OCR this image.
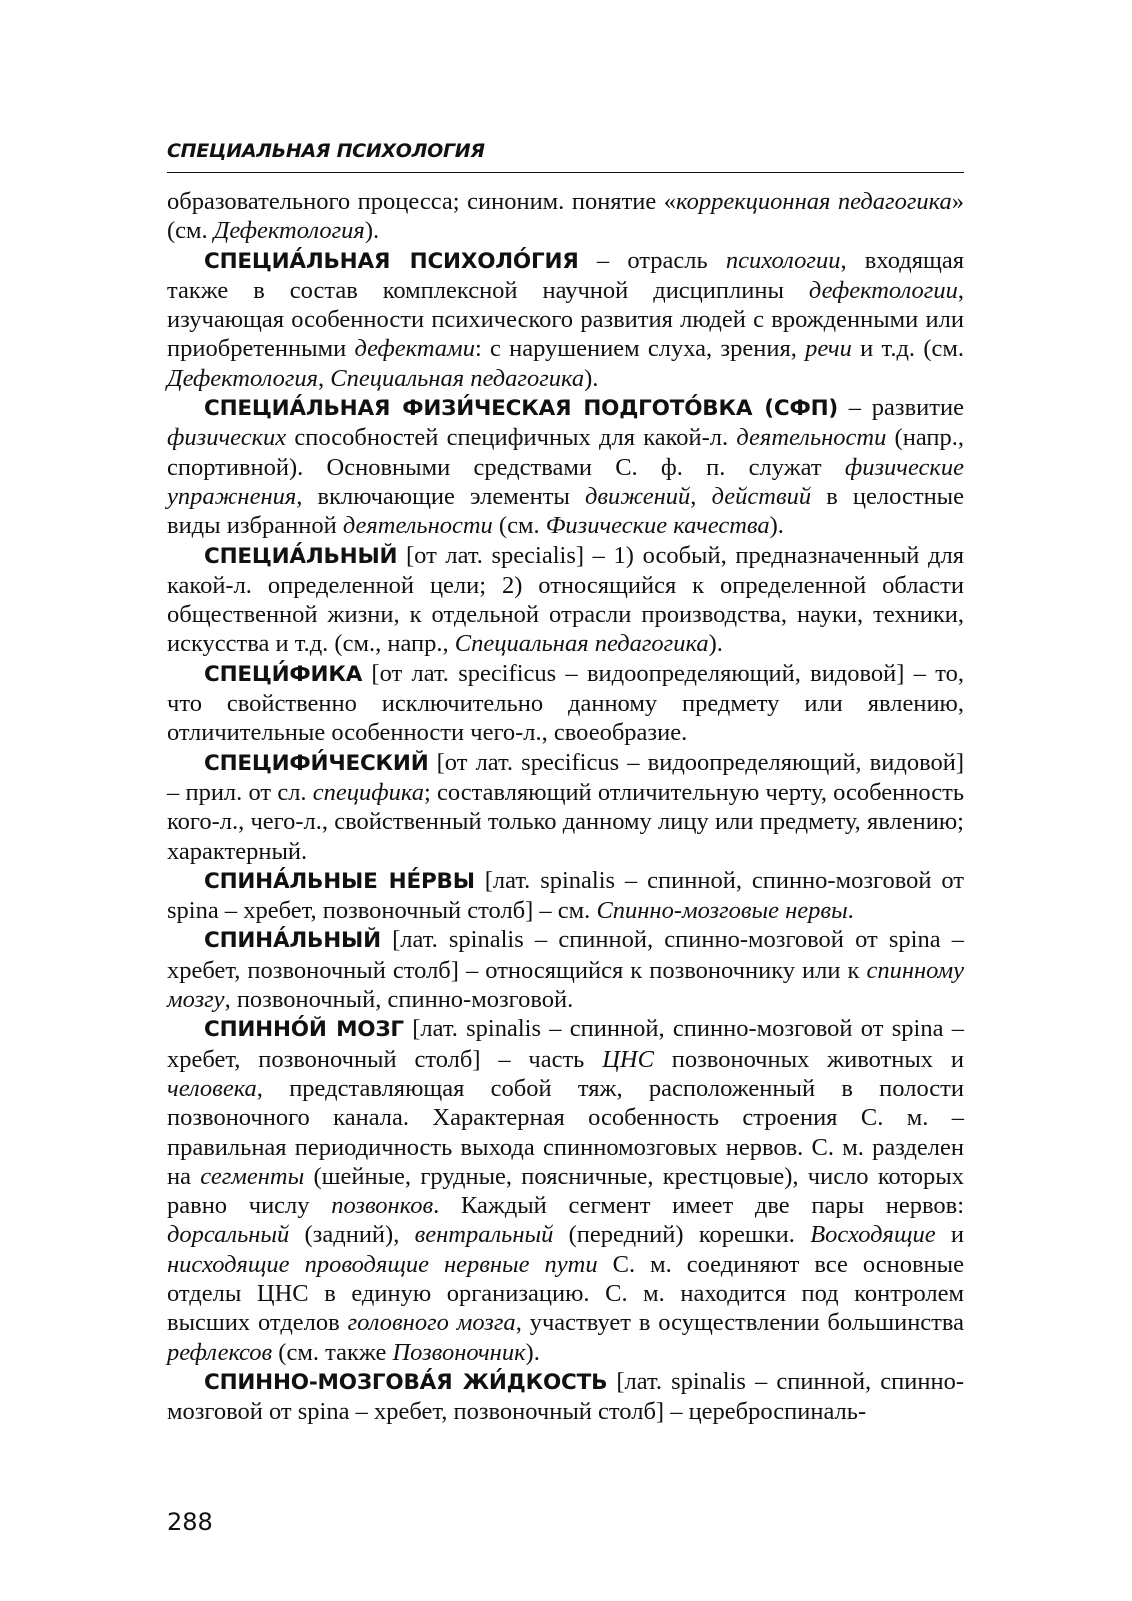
СПЕЦИАЛЬНАЯ ПСИХОЛОГИЯ

образовательного процесса; синоним. понятие «коррекционная педагогика» (см. Дефектология).

СПЕЦИА́ЛЬНАЯ ПСИХОЛО́ГИЯ – отрасль психологии, входящая также в состав комплексной научной дисциплины дефектологии, изучающая особенности психического развития людей с врожденными или приобретенными дефектами: с нарушением слуха, зрения, речи и т.д. (см. Дефектология, Специальная педагогика).

СПЕЦИА́ЛЬНАЯ ФИЗИ́ЧЕСКАЯ ПОДГОТО́ВКА (СФП) – развитие физических способностей специфичных для какой-л. деятельности (напр., спортивной). Основными средствами С. ф. п. служат физические упражнения, включающие элементы движений, действий в целостные виды избранной деятельности (см. Физические качества).

СПЕЦИА́ЛЬНЫЙ [от лат. specialis] – 1) особый, предназначенный для какой-л. определенной цели; 2) относящийся к определенной области общественной жизни, к отдельной отрасли производства, науки, техники, искусства и т.д. (см., напр., Специальная педагогика).

СПЕЦИ́ФИКА [от лат. specificus – видоопределяющий, видовой] – то, что свойственно исключительно данному предмету или явлению, отличительные особенности чего-л., своеобразие.

СПЕЦИФИ́ЧЕСКИЙ [от лат. specificus – видоопределяющий, видовой] – прил. от сл. специфика; составляющий отличительную черту, особенность кого-л., чего-л., свойственный только данному лицу или предмету, явлению; характерный.

СПИНА́ЛЬНЫЕ НЕ́РВЫ [лат. spinalis – спинной, спинно-мозговой от spina – хребет, позвоночный столб] – см. Спинно-мозговые нервы.

СПИНА́ЛЬНЫЙ [лат. spinalis – спинной, спинно-мозговой от spina – хребет, позвоночный столб] – относящийся к позвоночнику или к спинному мозгу, позвоночный, спинно-мозговой.

СПИННО́Й МОЗГ [лат. spinalis – спинной, спинно-мозговой от spina – хребет, позвоночный столб] – часть ЦНС позвоночных животных и человека, представляющая собой тяж, расположенный в полости позвоночного канала. Характерная особенность строения С. м. – правильная периодичность выхода спинномозговых нервов. С. м. разделен на сегменты (шейные, грудные, поясничные, крестцовые), число которых равно числу позвонков. Каждый сегмент имеет две пары нервов: дорсальный (задний), вентральный (передний) корешки. Восходящие и нисходящие проводящие нервные пути С. м. соединяют все основные отделы ЦНС в единую организацию. С. м. находится под контролем высших отделов головного мозга, участвует в осуществлении большинства рефлексов (см. также Позвоночник).

СПИННО-МОЗГОВА́Я ЖИ́ДКОСТЬ [лат. spinalis – спинной, спинно-мозговой от spina – хребет, позвоночный столб] – цереброспиналь-

288
